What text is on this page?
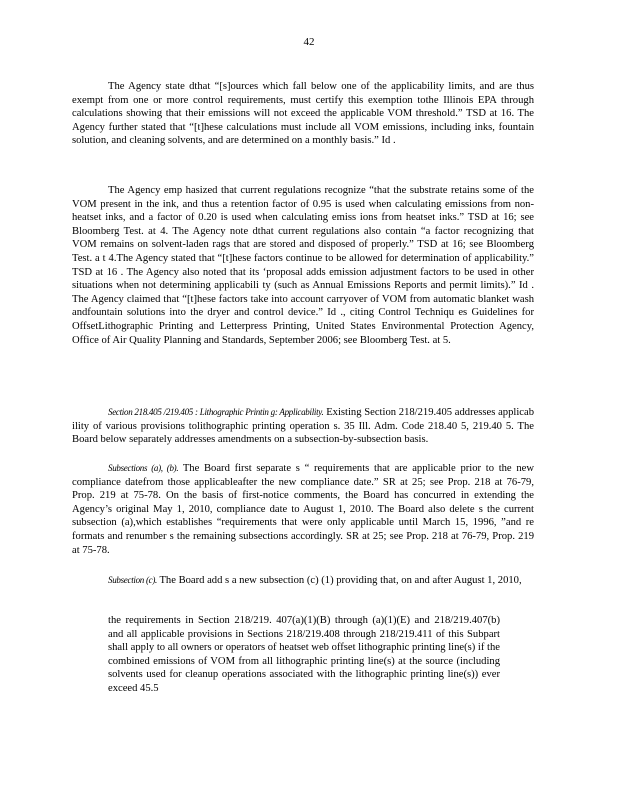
42

The Agency state dthat “[s]ources which fall below one of the applicability limits, and are thus exempt from one or more control requirements, must certify this exemption tothe Illinois EPA through calculations showing that their emissions will not exceed the applicable VOM threshold.” TSD at 16. The Agency further stated that “[t]hese calculations must include all VOM emissions, including inks, fountain solution, and cleaning solvents, and are determined on a monthly basis.” Id .

The Agency emp hasized that current regulations recognize “that the substrate retains some of the VOM present in the ink, and thus a retention factor of 0.95 is used when calculating emissions from non-heatset inks, and a factor of 0.20 is used when calculating emiss ions from heatset inks.” TSD at 16; see Bloomberg Test. at 4. The Agency note dthat current regulations also contain “a factor recognizing that VOM remains on solvent-laden rags that are stored and disposed of properly.” TSD at 16; see Bloomberg Test. a t 4.The Agency stated that “[t]hese factors continue to be allowed for determination of applicability.” TSD at 16 . The Agency also noted that its ‘proposal adds emission adjustment factors to be used in other situations when not determining applicabili ty (such as Annual Emissions Reports and permit limits).” Id . The Agency claimed that “[t]hese factors take into account carryover of VOM from automatic blanket wash andfountain solutions into the dryer and control device.” Id ., citing Control Techniqu es Guidelines for OffsetLithographic Printing and Letterpress Printing, United States Environmental Protection Agency, Office of Air Quality Planning and Standards, September 2006; see Bloomberg Test. at 5.

Section 218.405 /219.405 : Lithographic Printin g: Applicability. Existing Section 218/219.405 addresses applicab ility of various provisions tolithographic printing operation s. 35 Ill. Adm. Code 218.40 5, 219.40 5. The Board below separately addresses amendments on a subsection-by-subsection basis.

Subsections (a), (b). The Board first separate s “ requirements that are applicable prior to the new compliance datefrom those applicableafter the new compliance date.” SR at 25; see Prop. 218 at 76-79, Prop. 219 at 75-78. On the basis of first-notice comments, the Board has concurred in extending the Agency’s original May 1, 2010, compliance date to August 1, 2010. The Board also delete s the current subsection (a),which establishes “requirements that were only applicable until March 15, 1996, ”and re formats and renumber s the remaining subsections accordingly. SR at 25; see Prop. 218 at 76-79, Prop. 219 at 75-78.

Subsection (c). The Board add s a new subsection (c) (1) providing that, on and after August 1, 2010,

the requirements in Section 218/219. 407(a)(1)(B) through (a)(1)(E) and 218/219.407(b) and all applicable provisions in Sections 218/219.408 through 218/219.411 of this Subpart shall apply to all owners or operators of heatset web offset lithographic printing line(s) if the combined emissions of VOM from all lithographic printing line(s) at the source (including solvents used for cleanup operations associated with the lithographic printing line(s)) ever exceed 45.5
